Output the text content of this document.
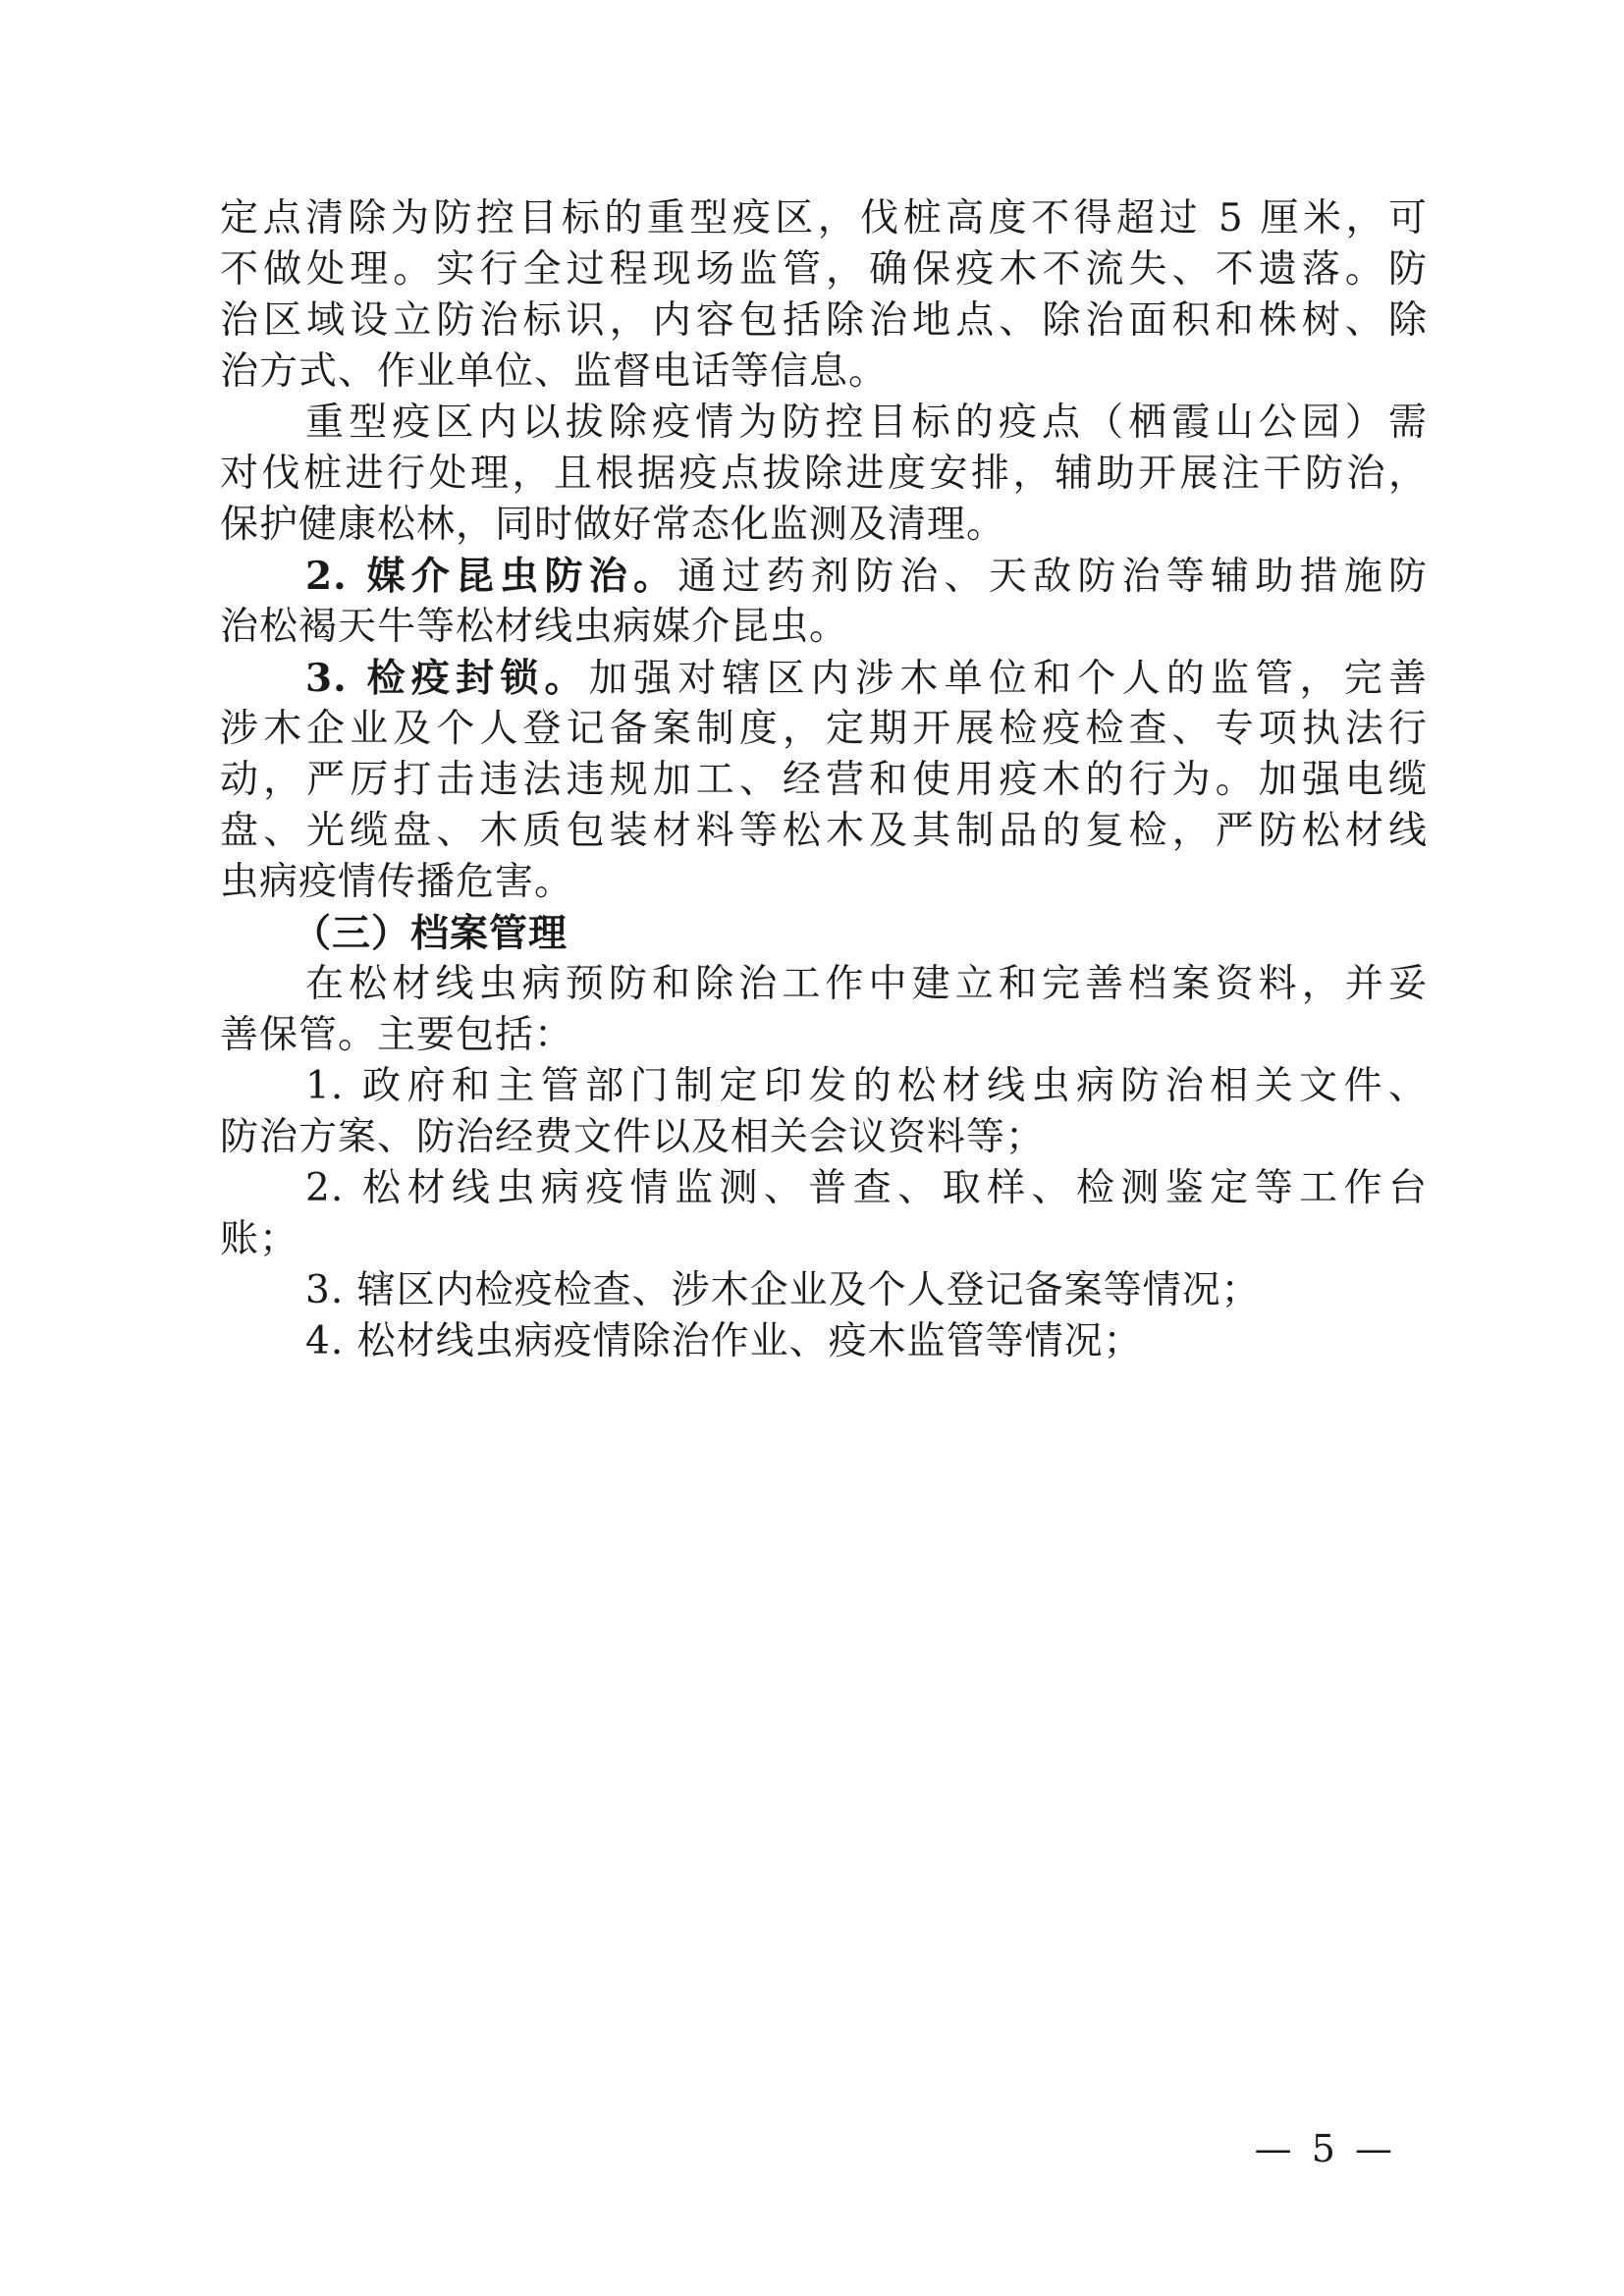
定点清除为防控目标的重型疫区，伐桩高度不得超过 5 厘米，可
不做处理。实行全过程现场监管，确保疫木不流失、不遗落。防
治区域设立防治标识，内容包括除治地点、除治面积和株树、除
治方式、作业单位、监督电话等信息。
重型疫区内以拔除疫情为防控目标的疫点（栖霞山公园）需
对伐桩进行处理，且根据疫点拔除进度安排，辅助开展注干防治，
保护健康松林，同时做好常态化监测及清理。
2. 媒介昆虫防治。通过药剂防治、天敌防治等辅助措施防
治松褐天牛等松材线虫病媒介昆虫。
3. 检疫封锁。加强对辖区内涉木单位和个人的监管，完善
涉木企业及个人登记备案制度，定期开展检疫检查、专项执法行
动，严厉打击违法违规加工、经营和使用疫木的行为。加强电缆
盘、光缆盘、木质包装材料等松木及其制品的复检，严防松材线
虫病疫情传播危害。
（三）档案管理
在松材线虫病预防和除治工作中建立和完善档案资料，并妥
善保管。主要包括：
1. 政府和主管部门制定印发的松材线虫病防治相关文件、
防治方案、防治经费文件以及相关会议资料等；
2. 松材线虫病疫情监测、普查、取样、检测鉴定等工作台
账；
3. 辖区内检疫检查、涉木企业及个人登记备案等情况；
4. 松材线虫病疫情除治作业、疫木监管等情况；
— 5 —
